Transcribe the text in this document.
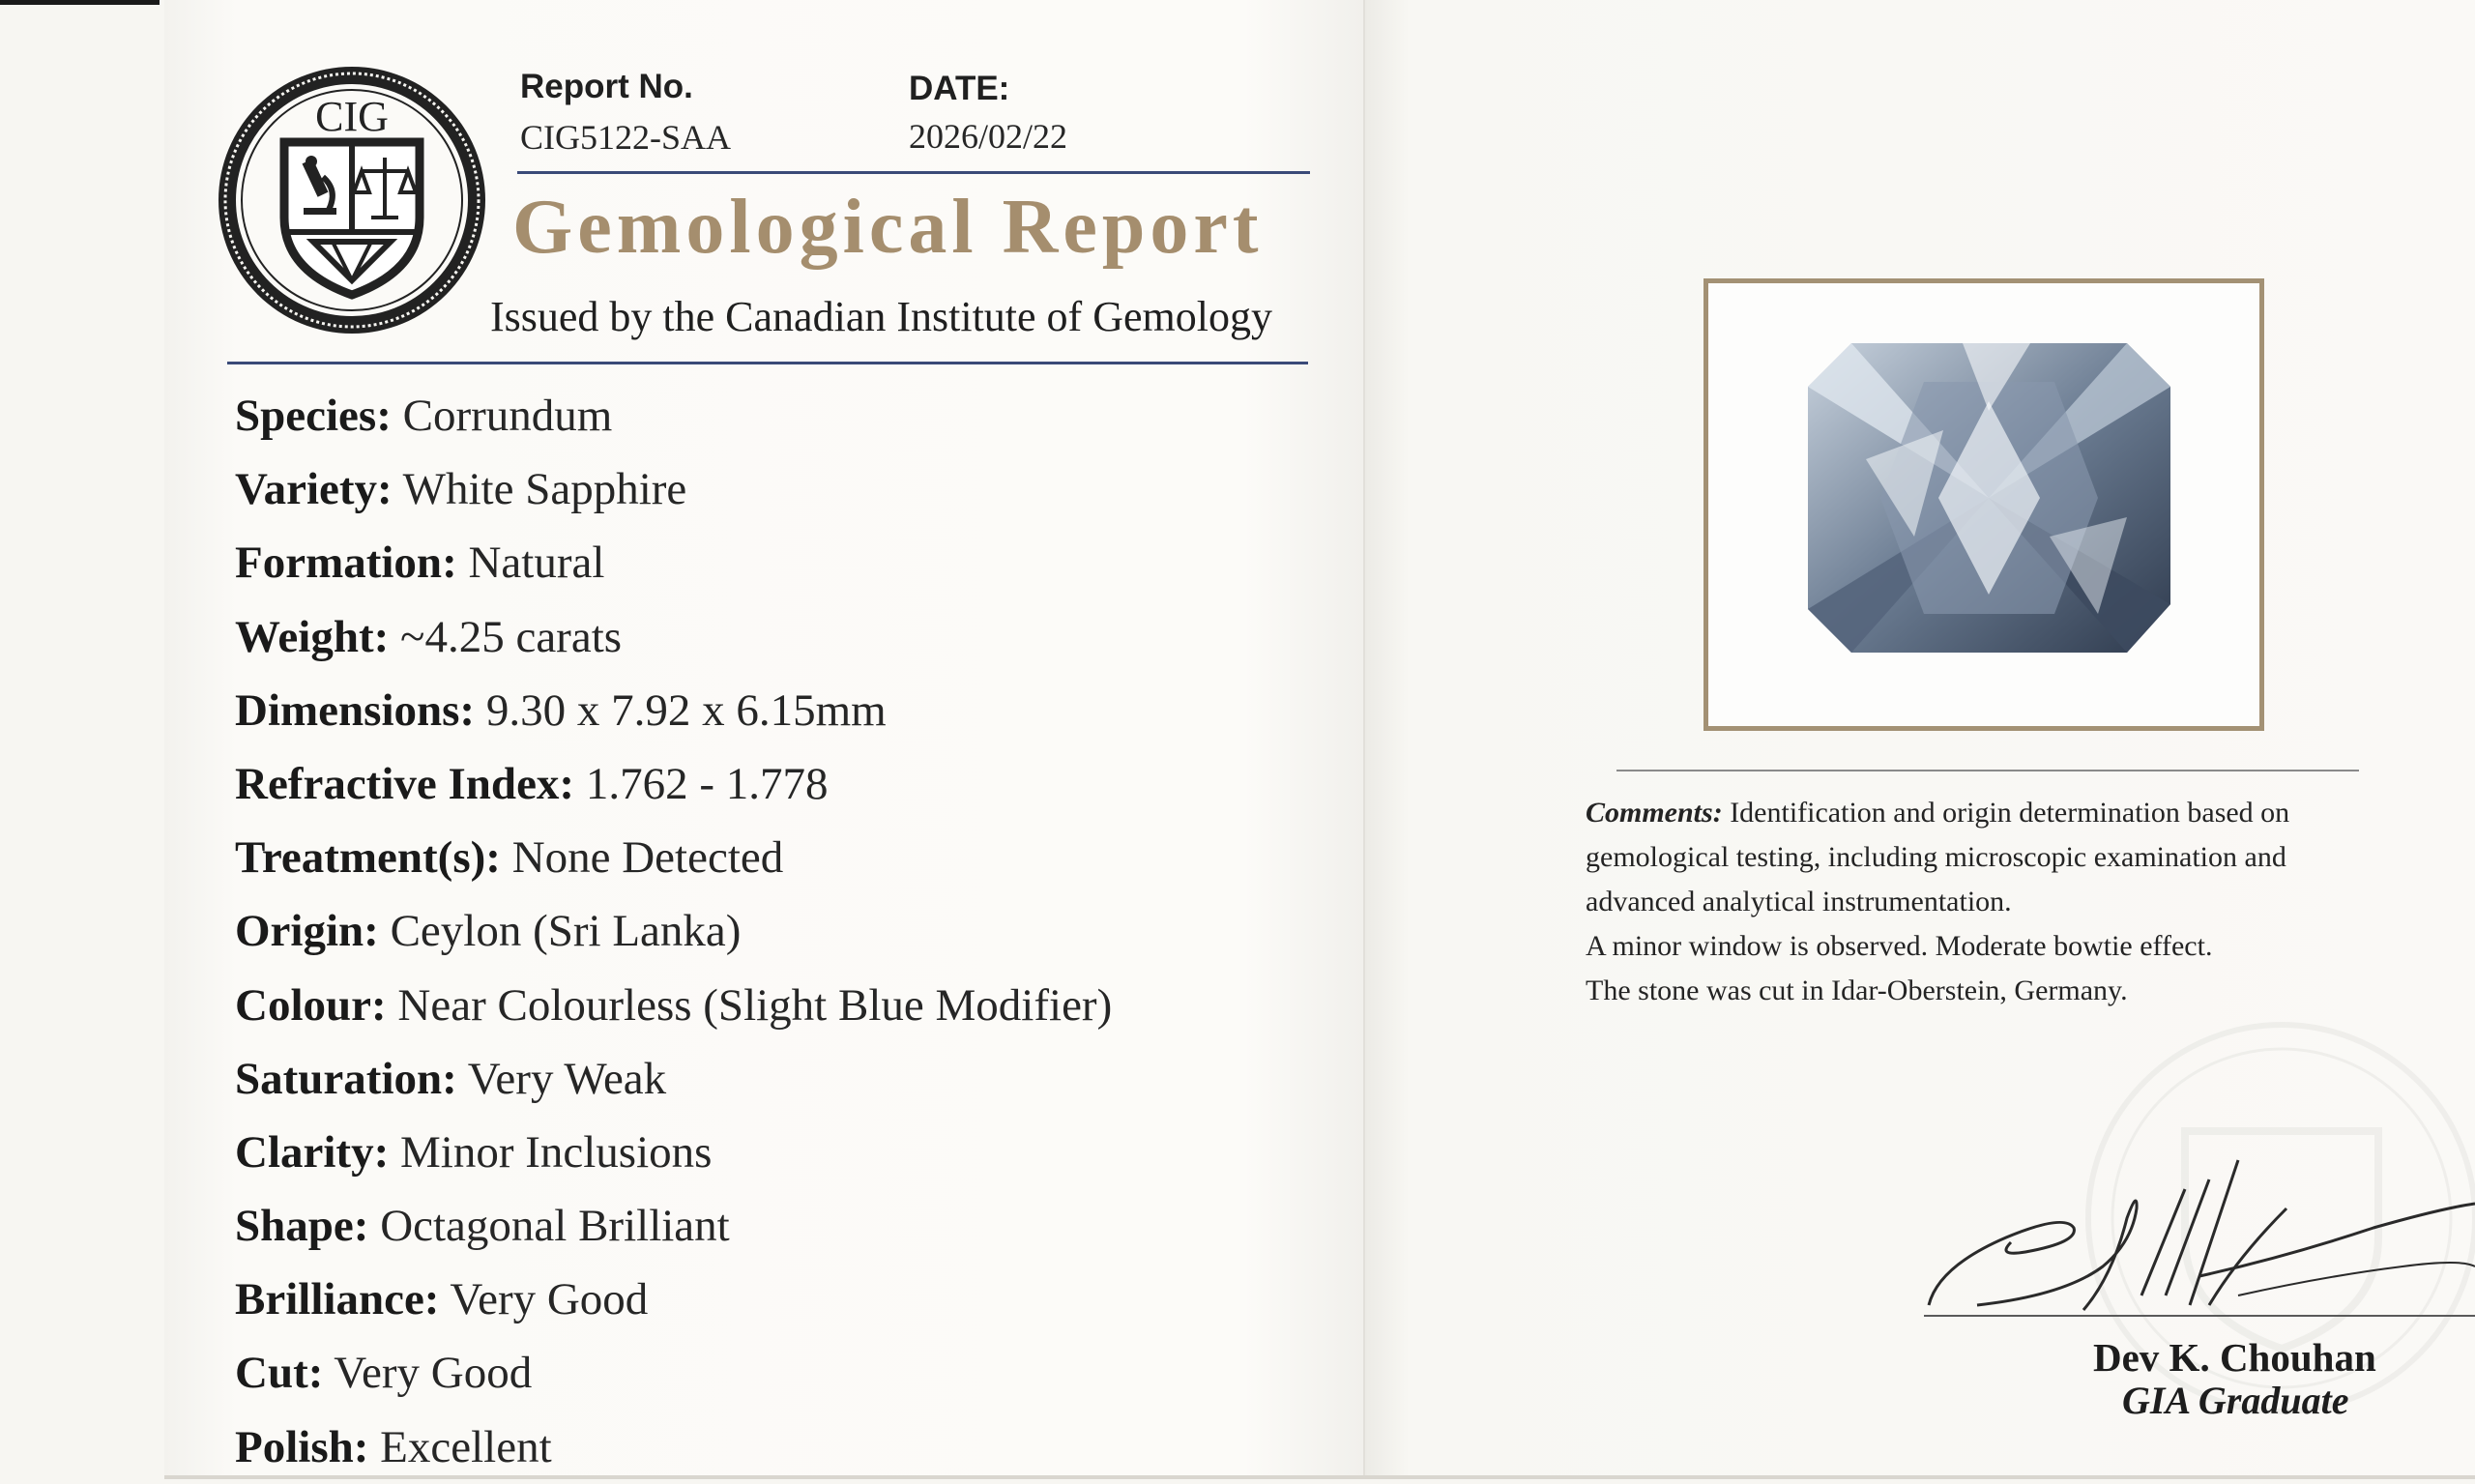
CIG
Report No.
CIG5122-SAA
DATE:
2026/02/22
Gemological Report
Issued by the Canadian Institute of Gemology
Species: Corrundum
Variety: White Sapphire
Formation: Natural
Weight: ~4.25 carats
Dimensions: 9.30 x 7.92 x 6.15mm
Refractive Index: 1.762 - 1.778
Treatment(s): None Detected
Origin: Ceylon (Sri Lanka)
Colour: Near Colourless (Slight Blue Modifier)
Saturation: Very Weak
Clarity: Minor Inclusions
Shape: Octagonal Brilliant
Brilliance: Very Good
Cut: Very Good
Polish: Excellent
Comments: Identification and origin determination based on
gemological testing, including microscopic examination and
advanced analytical instrumentation.
A minor window is observed. Moderate bowtie effect.
The stone was cut in Idar-Oberstein, Germany.
Dev K. Chouhan
GIA Graduate
